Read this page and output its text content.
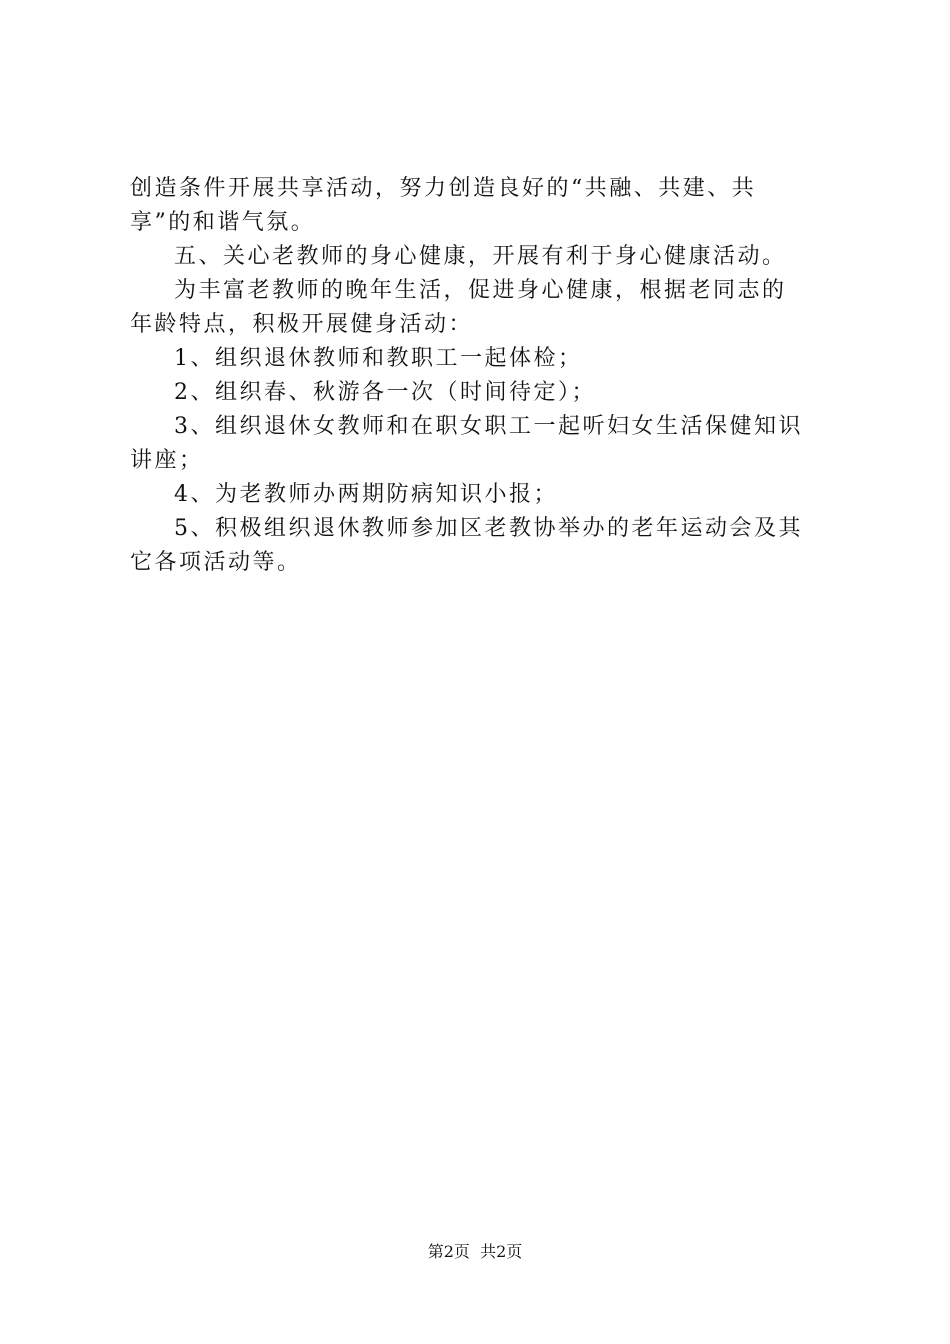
创造条件开展共享活动，努力创造良好的“共融、共建、共
享”的和谐气氛。
五、关心老教师的身心健康，开展有利于身心健康活动。
为丰富老教师的晚年生活，促进身心健康，根据老同志的
年龄特点，积极开展健身活动：
1、组织退休教师和教职工一起体检；
2、组织春、秋游各一次（时间待定）；
3、组织退休女教师和在职女职工一起听妇女生活保健知识
讲座；
4、为老教师办两期防病知识小报；
5、积极组织退休教师参加区老教协举办的老年运动会及其
它各项活动等。
第2页  共2页
